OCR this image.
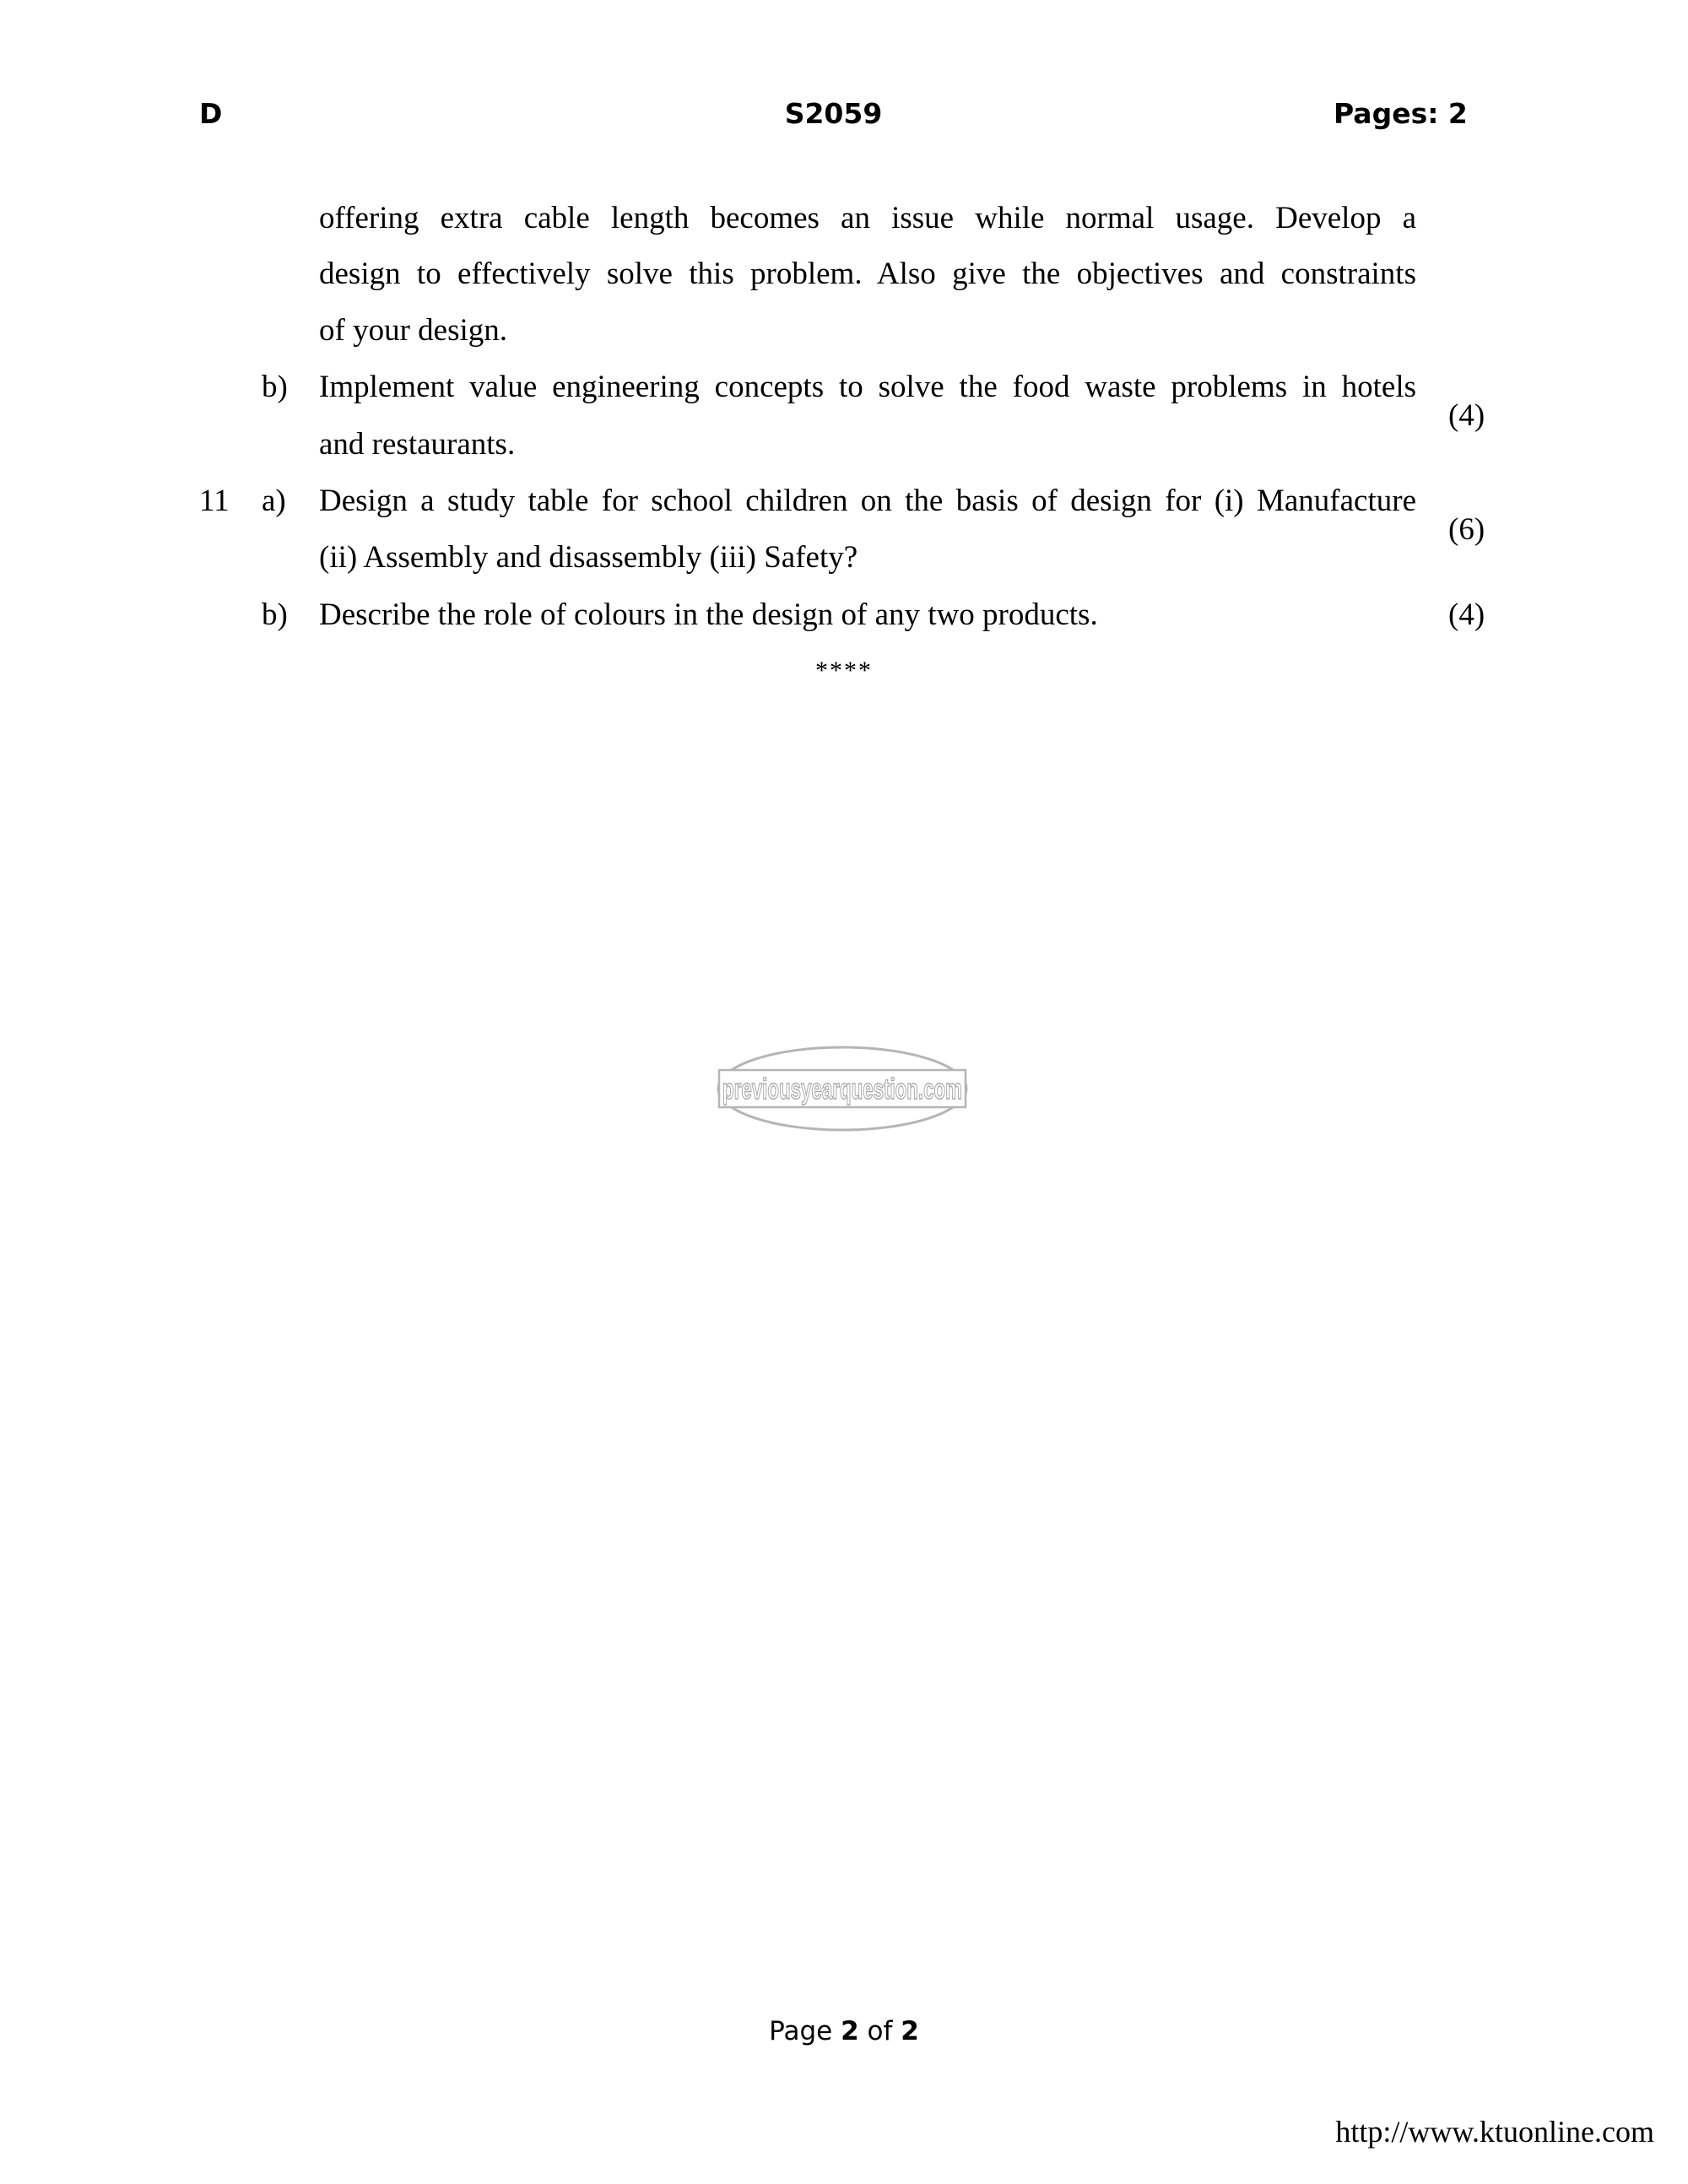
D	S2059	Pages: 2
offering extra cable length becomes an issue while normal usage. Develop a
design to effectively solve this problem. Also give the objectives and constraints
of your design.
b) Implement value engineering concepts to solve the food waste problems in hotels
and restaurants.
(4)
11 a) Design a study table for school children on the basis of design for (i) Manufacture
(ii) Assembly and disassembly (iii) Safety?
(6)
b) Describe the role of colours in the design of any two products.	(4)
****
previousyearquestion.com
Page 2 of 2
http://www.ktuonline.com
